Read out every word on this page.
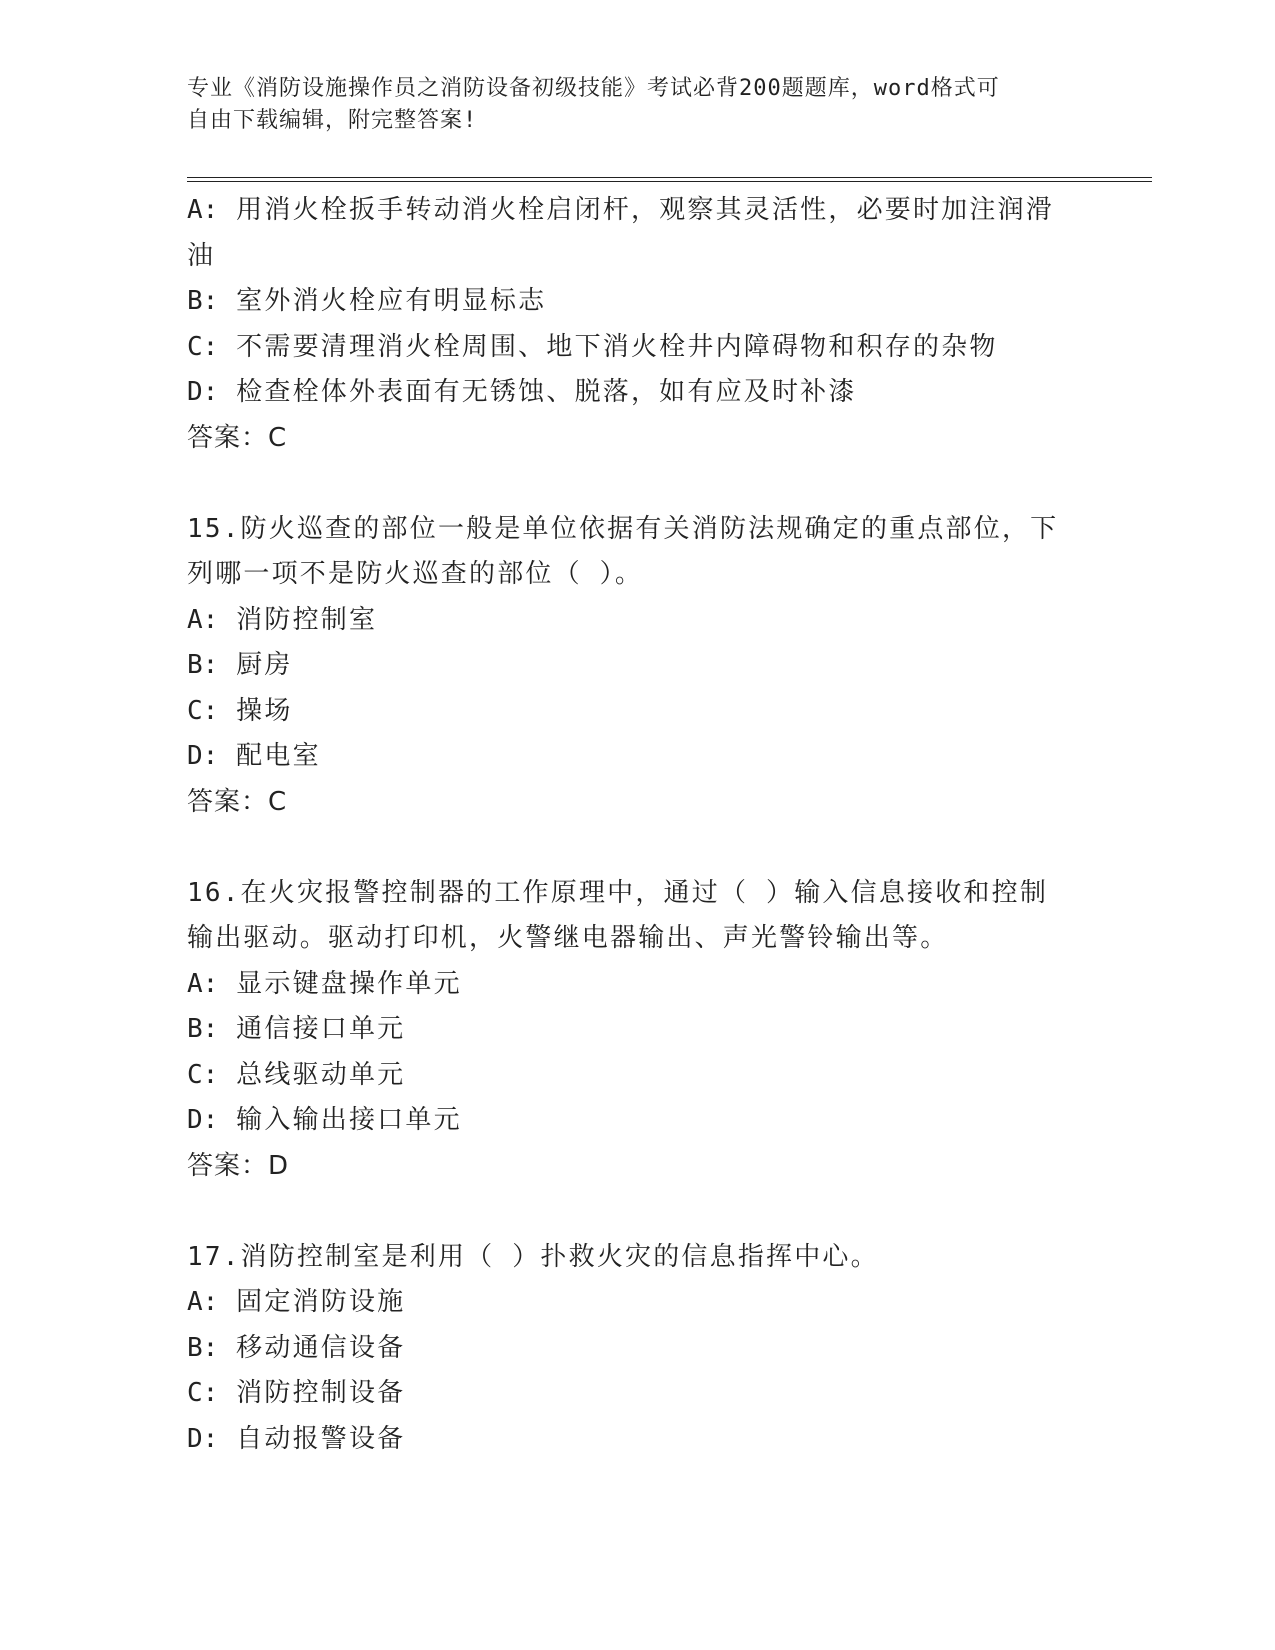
专业《消防设施操作员之消防设备初级技能》考试必背200题题库，word格式可
自由下载编辑，附完整答案!
A: 用消火栓扳手转动消火栓启闭杆，观察其灵活性，必要时加注润滑
油
B: 室外消火栓应有明显标志
C: 不需要清理消火栓周围、地下消火栓井内障碍物和积存的杂物
D: 检查栓体外表面有无锈蚀、脱落，如有应及时补漆
答案：C
15.防火巡查的部位一般是单位依据有关消防法规确定的重点部位，下
列哪一项不是防火巡查的部位（ ）。
A: 消防控制室
B: 厨房
C: 操场
D: 配电室
答案：C
16.在火灾报警控制器的工作原理中，通过（ ）输入信息接收和控制
输出驱动。驱动打印机，火警继电器输出、声光警铃输出等。
A: 显示键盘操作单元
B: 通信接口单元
C: 总线驱动单元
D: 输入输出接口单元
答案：D
17.消防控制室是利用（ ）扑救火灾的信息指挥中心。
A: 固定消防设施
B: 移动通信设备
C: 消防控制设备
D: 自动报警设备
